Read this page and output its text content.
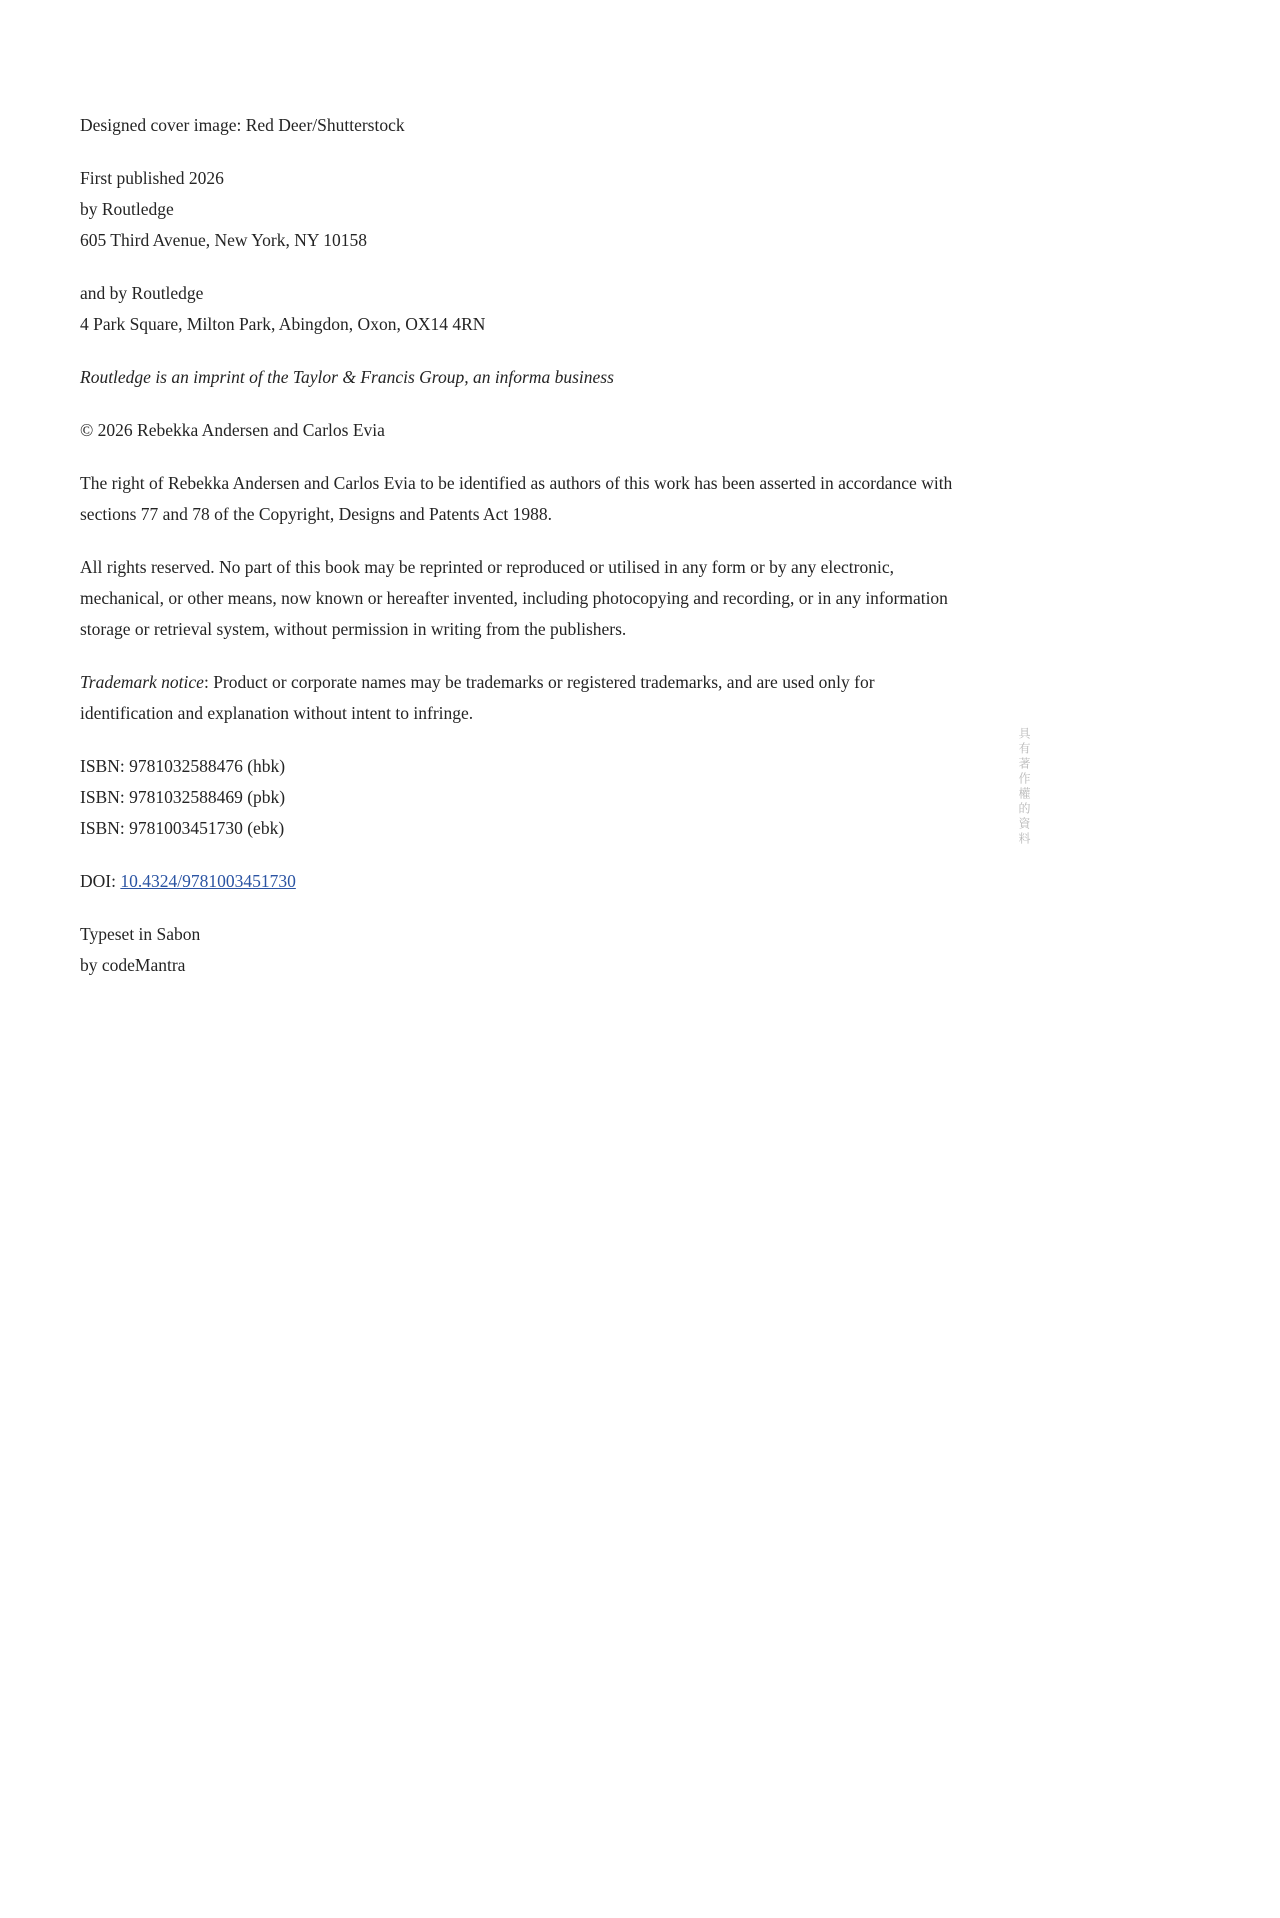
Designed cover image: Red Deer/Shutterstock

First published 2026
by Routledge
605 Third Avenue, New York, NY 10158

and by Routledge
4 Park Square, Milton Park, Abingdon, Oxon, OX14 4RN

Routledge is an imprint of the Taylor & Francis Group, an informa business

© 2026 Rebekka Andersen and Carlos Evia

The right of Rebekka Andersen and Carlos Evia to be identified as authors of this work has been asserted in accordance with sections 77 and 78 of the Copyright, Designs and Patents Act 1988.

All rights reserved. No part of this book may be reprinted or reproduced or utilised in any form or by any electronic, mechanical, or other means, now known or hereafter invented, including photocopying and recording, or in any information storage or retrieval system, without permission in writing from the publishers.

Trademark notice: Product or corporate names may be trademarks or registered trademarks, and are used only for identification and explanation without intent to infringe.

ISBN: 9781032588476 (hbk)
ISBN: 9781032588469 (pbk)
ISBN: 9781003451730 (ebk)

DOI: 10.4324/9781003451730

Typeset in Sabon
by codeMantra

具有著作權的資料
